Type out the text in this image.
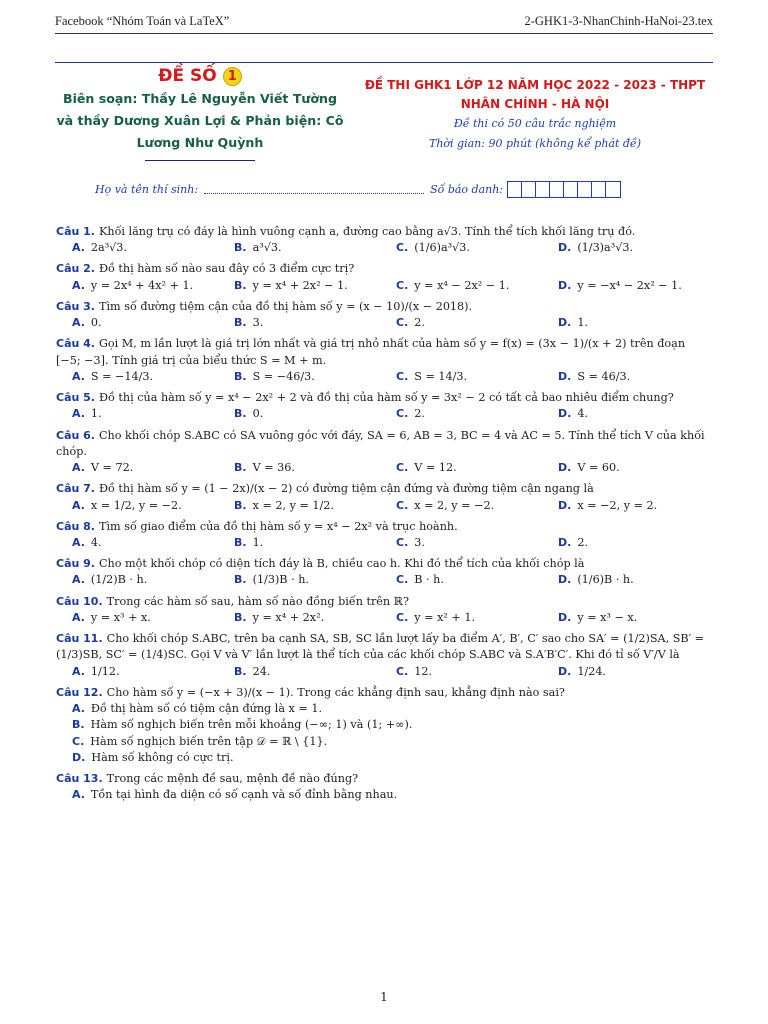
Facebook “Nhóm Toán và LaTeX”	2-GHK1-3-NhanChinh-HaNoi-23.tex
ĐỀ SỐ 1
Biên soạn: Thầy Lê Nguyễn Viết Tường và thầy Dương Xuân Lợi & Phản biện: Cô Lương Như Quỳnh
ĐỀ THI GHK1 LỚP 12 NĂM HỌC 2022 - 2023 - THPT NHÂN CHÍNH - HÀ NỘI
Đề thi có 50 câu trắc nghiệm
Thời gian: 90 phút (không kể phát đề)
Họ và tên thí sinh:	Số báo danh:
Câu 1. Khối lăng trụ có đáy là hình vuông cạnh a, đường cao bằng a√3. Tính thể tích khối lăng trụ đó.
A. 2a³√3.	B. a³√3.	C. (1/6)a³√3.	D. (1/3)a³√3.
Câu 2. Đồ thị hàm số nào sau đây có 3 điểm cực trị?
A. y = 2x⁴ + 4x² + 1.	B. y = x⁴ + 2x² − 1.	C. y = x⁴ − 2x² − 1.	D. y = −x⁴ − 2x² − 1.
Câu 3. Tìm số đường tiệm cận của đồ thị hàm số y = (x − 10)/(x − 2018).
A. 0.	B. 3.	C. 2.	D. 1.
Câu 4. Gọi M, m lần lượt là giá trị lớn nhất và giá trị nhỏ nhất của hàm số y = f(x) = (3x − 1)/(x + 2) trên đoạn [−5; −3]. Tính giá trị của biểu thức S = M + m.
A. S = −14/3.	B. S = −46/3.	C. S = 14/3.	D. S = 46/3.
Câu 5. Đồ thị của hàm số y = x⁴ − 2x² + 2 và đồ thị của hàm số y = 3x² − 2 có tất cả bao nhiêu điểm chung?
A. 1.	B. 0.	C. 2.	D. 4.
Câu 6. Cho khối chóp S.ABC có SA vuông góc với đáy, SA = 6, AB = 3, BC = 4 và AC = 5. Tính thể tích V của khối chóp.
A. V = 72.	B. V = 36.	C. V = 12.	D. V = 60.
Câu 7. Đồ thị hàm số y = (1 − 2x)/(x − 2) có đường tiệm cận đứng và đường tiệm cận ngang là
A. x = 1/2, y = −2.	B. x = 2, y = 1/2.	C. x = 2, y = −2.	D. x = −2, y = 2.
Câu 8. Tìm số giao điểm của đồ thị hàm số y = x⁴ − 2x² và trục hoành.
A. 4.	B. 1.	C. 3.	D. 2.
Câu 9. Cho một khối chóp có diện tích đáy là B, chiều cao h. Khi đó thể tích của khối chóp là
A. (1/2)B · h.	B. (1/3)B · h.	C. B · h.	D. (1/6)B · h.
Câu 10. Trong các hàm số sau, hàm số nào đồng biến trên ℝ?
A. y = x³ + x.	B. y = x⁴ + 2x².	C. y = x² + 1.	D. y = x³ − x.
Câu 11. Cho khối chóp S.ABC, trên ba cạnh SA, SB, SC lần lượt lấy ba điểm A′, B′, C′ sao cho SA′ = (1/2)SA, SB′ = (1/3)SB, SC′ = (1/4)SC. Gọi V và V′ lần lượt là thể tích của các khối chóp S.ABC và S.A′B′C′. Khi đó tỉ số V′/V là
A. 1/12.	B. 24.	C. 12.	D. 1/24.
Câu 12. Cho hàm số y = (−x + 3)/(x − 1). Trong các khẳng định sau, khẳng định nào sai?
A. Đồ thị hàm số có tiệm cận đứng là x = 1.
B. Hàm số nghịch biến trên mỗi khoảng (−∞; 1) và (1; +∞).
C. Hàm số nghịch biến trên tập 𝒟 = ℝ \ {1}.
D. Hàm số không có cực trị.
Câu 13. Trong các mệnh đề sau, mệnh đề nào đúng?
A. Tồn tại hình đa diện có số cạnh và số đỉnh bằng nhau.
1
